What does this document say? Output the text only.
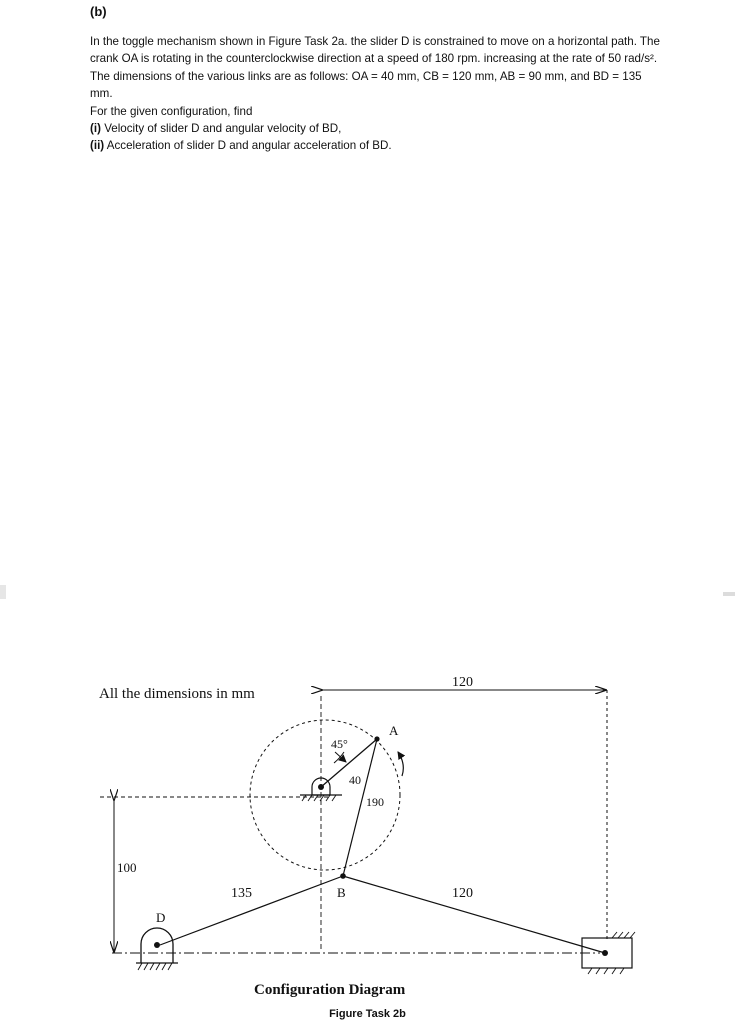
(b)

In the toggle mechanism shown in Figure Task 2a. the slider D is constrained to move on a horizontal path. The crank OA is rotating in the counterclockwise direction at a speed of 180 rpm. increasing at the rate of 50 rad/s². The dimensions of the various links are as follows: OA = 40 mm, CB = 120 mm, AB = 90 mm, and BD = 135 mm.

For the given configuration, find

(i) Velocity of slider D and angular velocity of BD,

(ii) Acceleration of slider D and angular acceleration of BD.

All the dimensions in mm
120
100
A
45°
40
190
B
135	120
D
Configuration Diagram
Figure Task 2b
